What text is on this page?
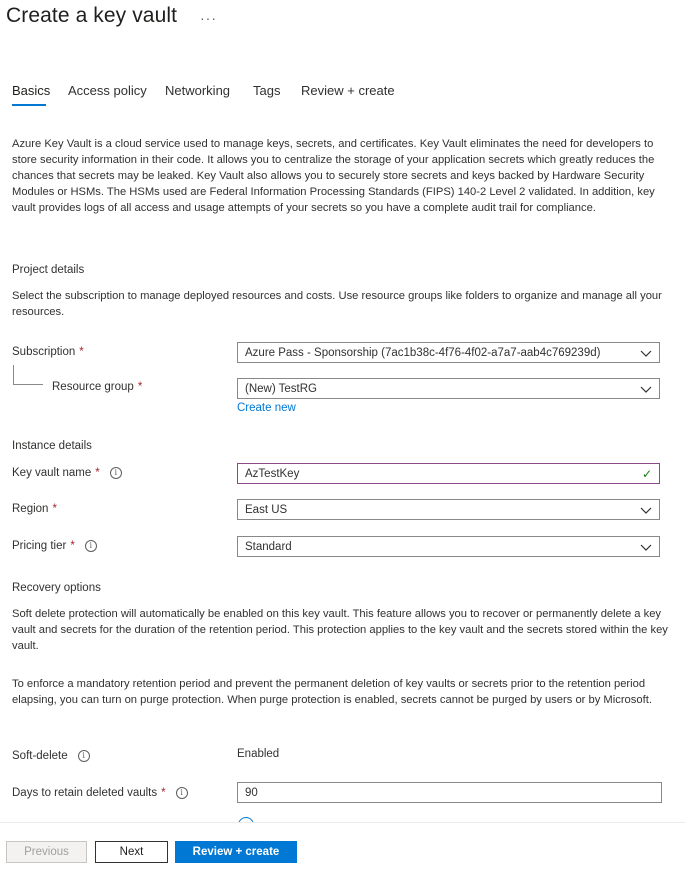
Create a key vault ···
Basics Access policy Networking Tags Review + create
Azure Key Vault is a cloud service used to manage keys, secrets, and certificates. Key Vault eliminates the need for developers to store security information in their code. It allows you to centralize the storage of your application secrets which greatly reduces the chances that secrets may be leaked. Key Vault also allows you to securely store secrets and keys backed by Hardware Security Modules or HSMs. The HSMs used are Federal Information Processing Standards (FIPS) 140-2 Level 2 validated. In addition, key vault provides logs of all access and usage attempts of your secrets so you have a complete audit trail for compliance.
Project details
Select the subscription to manage deployed resources and costs. Use resource groups like folders to organize and manage all your resources.
Subscription *	Azure Pass - Sponsorship (7ac1b38c-4f76-4f02-a7a7-aab4c769239d)
Resource group *	(New) TestRG
Create new
Instance details
Key vault name *	i	AzTestKey	✓
Region *	East US
Pricing tier *	i	Standard
Recovery options
Soft delete protection will automatically be enabled on this key vault. This feature allows you to recover or permanently delete a key vault and secrets for the duration of the retention period. This protection applies to the key vault and the secrets stored within the key vault.
To enforce a mandatory retention period and prevent the permanent deletion of key vaults or secrets prior to the retention period elapsing, you can turn on purge protection. When purge protection is enabled, secrets cannot be purged by users or by Microsoft.
Soft-delete	i	Enabled
Days to retain deleted vaults *	i	90
Previous	Next	Review + create
